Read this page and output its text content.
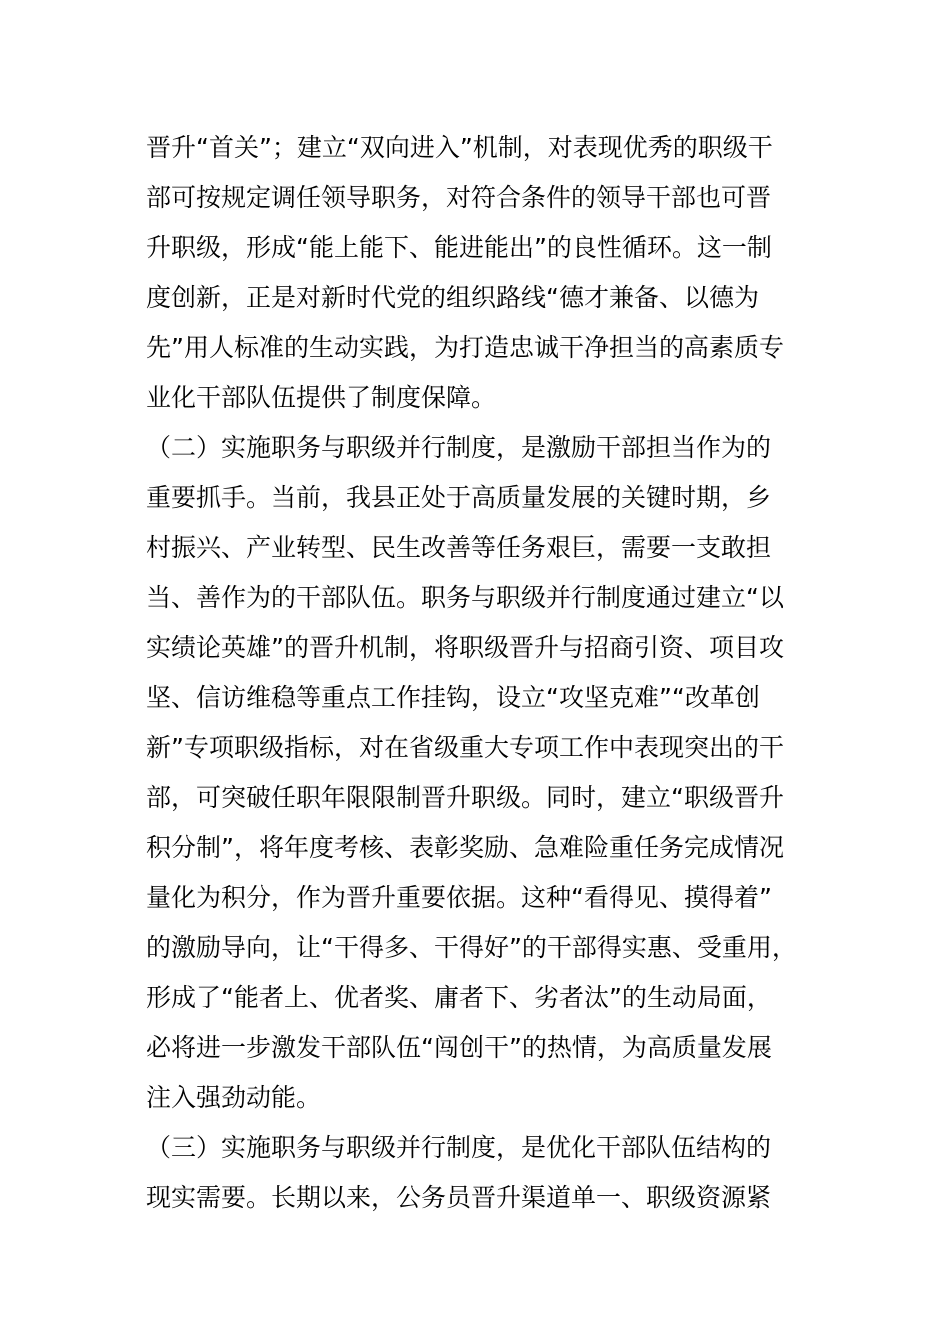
晋升“首关”；建立“双向进入”机制，对表现优秀的职级干
部可按规定调任领导职务，对符合条件的领导干部也可晋
升职级，形成“能上能下、能进能出”的良性循环。这一制
度创新，正是对新时代党的组织路线“德才兼备、以德为
先”用人标准的生动实践，为打造忠诚干净担当的高素质专
业化干部队伍提供了制度保障。
（二）实施职务与职级并行制度，是激励干部担当作为的
重要抓手。当前，我县正处于高质量发展的关键时期，乡
村振兴、产业转型、民生改善等任务艰巨，需要一支敢担
当、善作为的干部队伍。职务与职级并行制度通过建立“以
实绩论英雄”的晋升机制，将职级晋升与招商引资、项目攻
坚、信访维稳等重点工作挂钩，设立“攻坚克难”“改革创
新”专项职级指标，对在省级重大专项工作中表现突出的干
部，可突破任职年限限制晋升职级。同时，建立“职级晋升
积分制”，将年度考核、表彰奖励、急难险重任务完成情况
量化为积分，作为晋升重要依据。这种“看得见、摸得着”
的激励导向，让“干得多、干得好”的干部得实惠、受重用，
形成了“能者上、优者奖、庸者下、劣者汰”的生动局面，
必将进一步激发干部队伍“闯创干”的热情，为高质量发展
注入强劲动能。
（三）实施职务与职级并行制度，是优化干部队伍结构的
现实需要。长期以来，公务员晋升渠道单一、职级资源紧
